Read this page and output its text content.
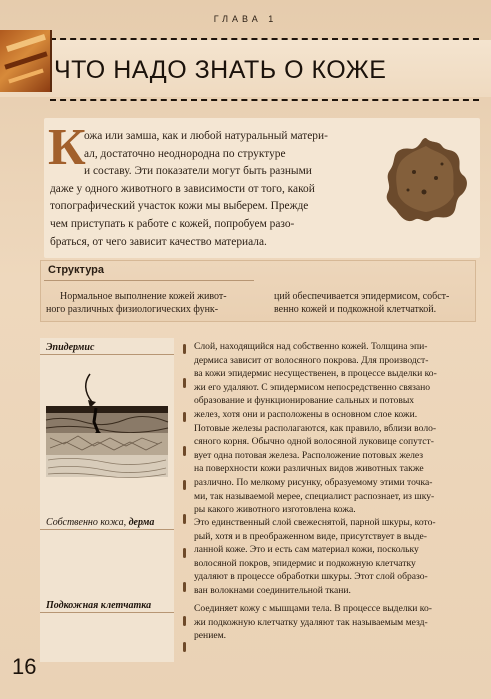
ГЛАВА 1
ЧТО НАДО ЗНАТЬ О КОЖЕ
К
ожа или замша, как и любой натуральный матери-
ал, достаточно неоднородна по структуре
и составу. Эти показатели могут быть разными
даже у одного животного в зависимости от того, какой
топографический участок кожи мы выберем. Прежде
чем приступать к работе с кожей, попробуем разо-
браться, от чего зависит качество материала.
Структура
Нормальное выполнение кожей живот-
ного различных физиологических функ-
ций обеспечивается эпидермисом, собст-
венно кожей и подкожной клетчаткой.
Эпидермис
Собственно кожа, дерма
Подкожная клетчатка
Слой, находящийся над собственно кожей. Толщина эпи-
дермиса зависит от волосяного покрова. Для производст-
ва кожи эпидермис несущественен, в процессе выделки ко-
жи его удаляют. С эпидермисом непосредственно связано
образование и функционирование сальных и потовых
желез, хотя они и расположены в основном слое кожи.
Потовые железы располагаются, как правило, вблизи воло-
сяного корня. Обычно одной волосяной луковице сопутст-
вует одна потовая железа. Расположение потовых желез
на поверхности кожи различных видов животных также
различно. По мелкому рисунку, образуемому этими точка-
ми, так называемой мерее, специалист распознает, из шку-
ры какого животного изготовлена кожа.
Это единственный слой свежеснятой, парной шкуры, кото-
рый, хотя и в преображенном виде, присутствует в выде-
ланной коже. Это и есть сам материал кожи, поскольку
волосяной покров, эпидермис и подкожную клетчатку
удаляют в процессе обработки шкуры. Этот слой образо-
ван волокнами соединительной ткани.
Соединяет кожу с мышцами тела. В процессе выделки ко-
жи подкожную клетчатку удаляют так называемым мезд-
рением.
16
